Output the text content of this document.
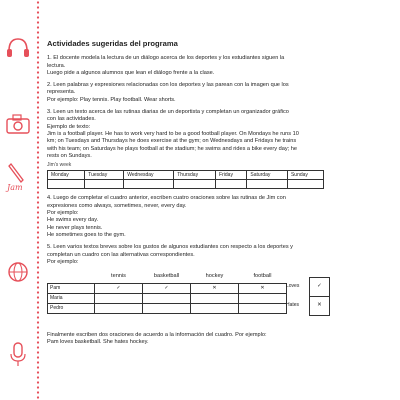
Jam
Actividades sugeridas del programa
1. El docente modela la lectura de un diálogo acerca de los deportes y los estudiantes siguen la
lectura.
Luego pide a algunos alumnos que lean el diálogo frente a la clase.
2. Leen palabras y expresiones relacionadas con los deportes y las parean con la imagen que los
representa.
Por ejemplo: Play tennis. Play football. Wear shorts.
3. Leen un texto acerca de las rutinas diarias de un deportista y completan un organizador gráfico
con las actividades.
Ejemplo de texto:
Jim is a football player. He has to work very hard to be a good football player. On Mondays he runs 10
km; on Tuesdays and Thursdays he does exercise at the gym; on Wednesdays and Fridays he trains
with his team; on Saturdays he plays football at the stadium; he swims and rides a bike every day; he
rests on Sundays.
Jim's week
Monday	Tuesday	Wednesday	Thursday	Friday	Saturday	Sunday

4. Luego de completar el cuadro anterior, escriben cuatro oraciones sobre las rutinas de Jim con
expresiones como always, sometimes, never, every day.
Por ejemplo:
He swims every day.
He never plays tennis.
He sometimes goes to the gym.
5. Leen varios textos breves sobre los gustos de algunos estudiantes con respecto a los deportes y
completan un cuadro con las alternativas correspondientes.
Por ejemplo:
	tennis	basketball	hockey	football
Pam	✓	✓	✕	✕
Maria				
Pedro				
Loves	✓
Hates	✕
Finalmente escriben dos oraciones de acuerdo a la información del cuadro. Por ejemplo:
Pam loves basketball. She hates hockey.
